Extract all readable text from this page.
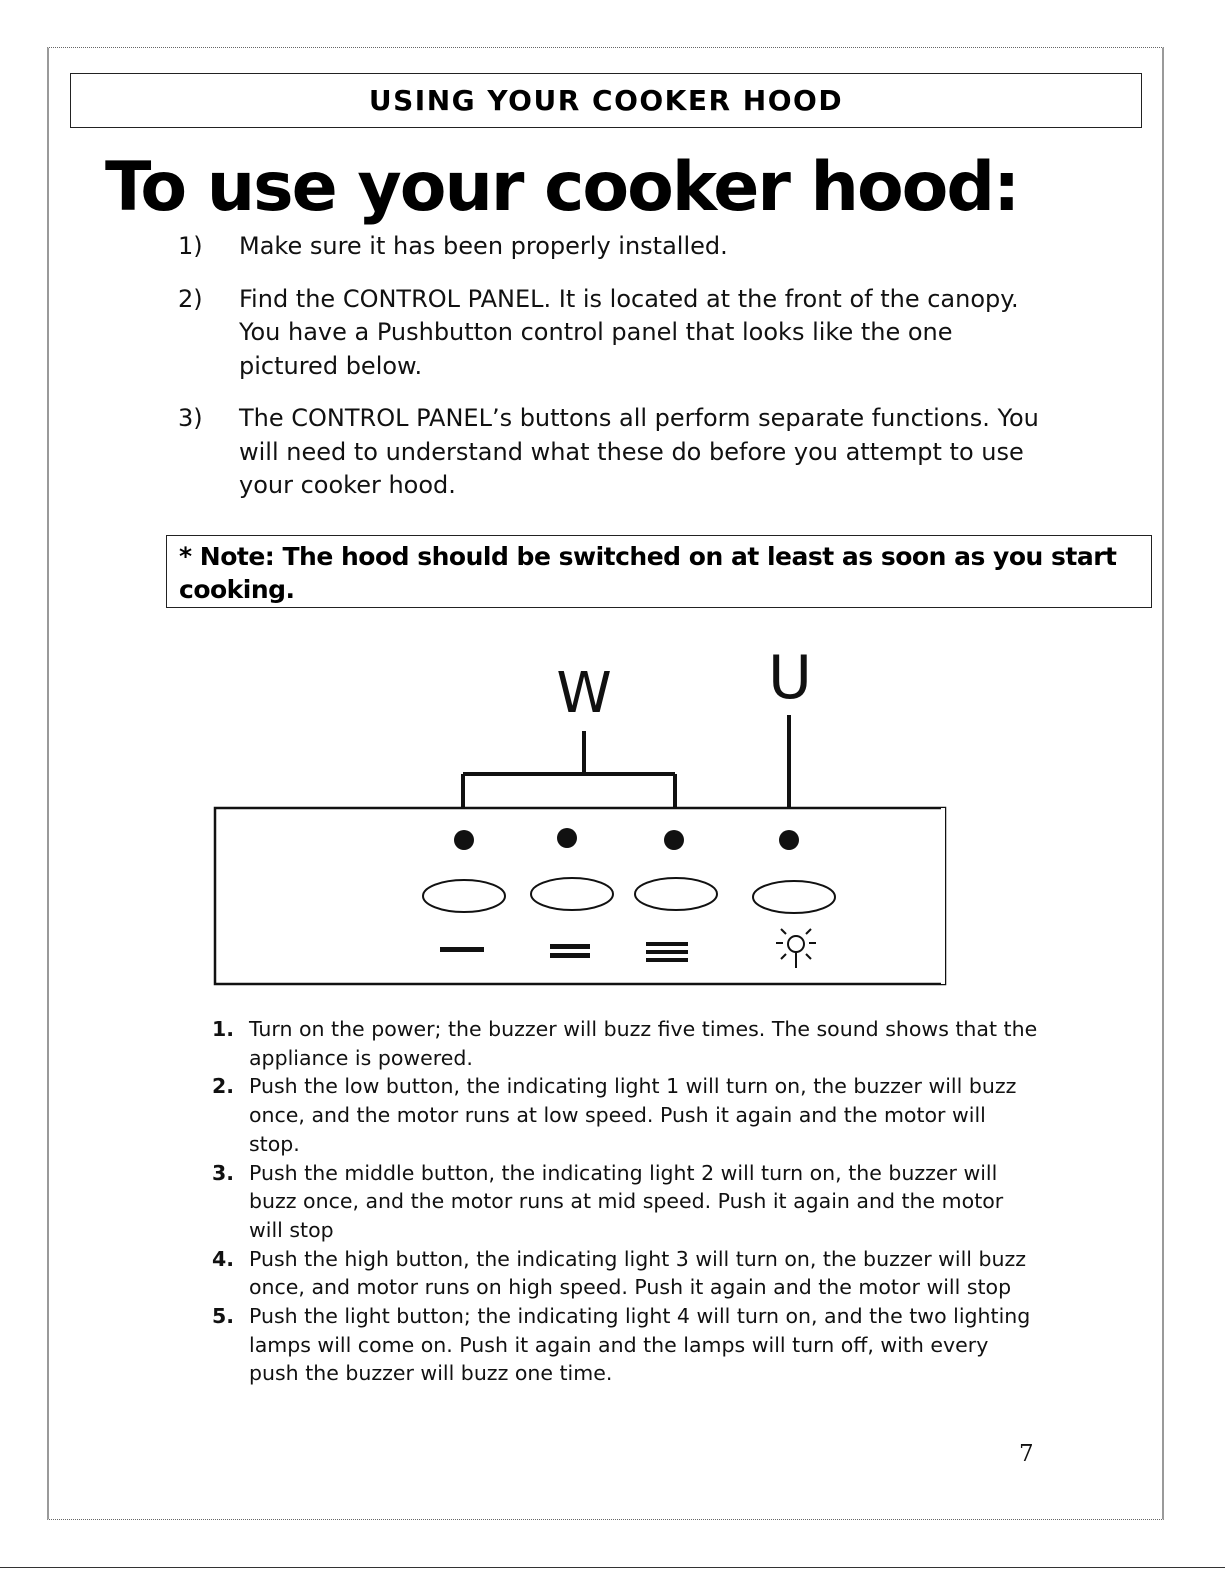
USING YOUR COOKER HOOD
To use your cooker hood:
1)	Make sure it has been properly installed.
2)	Find the CONTROL PANEL. It is located at the front of the canopy. You have a Pushbutton control panel that looks like the one pictured below.
3)	The CONTROL PANEL’s buttons all perform separate functions. You will need to understand what these do before you attempt to use your cooker hood.
* Note: The hood should be switched on at least as soon as you start cooking.
W	U
1. Turn on the power; the buzzer will buzz five times. The sound shows that the appliance is powered.
2. Push the low button, the indicating light 1 will turn on, the buzzer will buzz once, and the motor runs at low speed. Push it again and the motor will stop.
3. Push the middle button, the indicating light 2 will turn on, the buzzer will buzz once, and the motor runs at mid speed. Push it again and the motor will stop
4. Push the high button, the indicating light 3 will turn on, the buzzer will buzz once, and motor runs on high speed. Push it again and the motor will stop
5. Push the light button; the indicating light 4 will turn on, and the two lighting lamps will come on. Push it again and the lamps will turn off, with every push the buzzer will buzz one time.
7
